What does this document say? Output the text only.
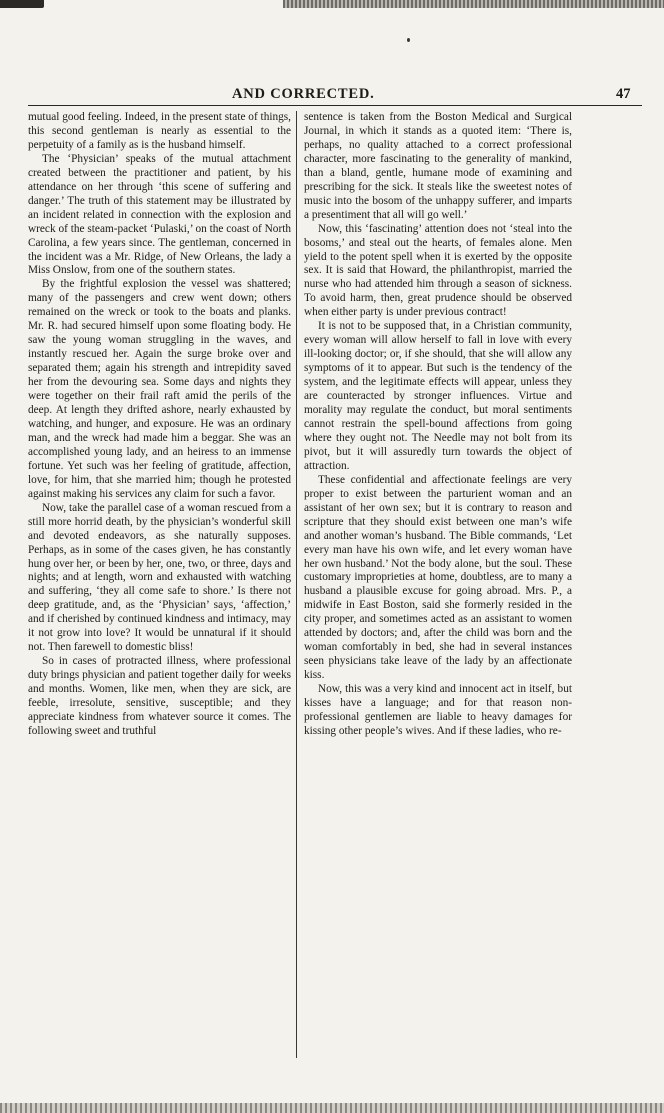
AND CORRECTED.	47

mutual good feeling. Indeed, in the present state of things, this second gentleman is nearly as essential to the perpetuity of a family as is the husband himself.

The ‘Physician’ speaks of the mutual attachment created between the practitioner and patient, by his attendance on her through ‘this scene of suffering and danger.’ The truth of this statement may be illustrated by an incident related in connection with the explosion and wreck of the steam-packet ‘Pulaski,’ on the coast of North Carolina, a few years since. The gentleman, concerned in the incident was a Mr. Ridge, of New Orleans, the lady a Miss Onslow, from one of the southern states.

By the frightful explosion the vessel was shattered; many of the passengers and crew went down; others remained on the wreck or took to the boats and planks. Mr. R. had secured himself upon some floating body. He saw the young woman struggling in the waves, and instantly rescued her. Again the surge broke over and separated them; again his strength and intrepidity saved her from the devouring sea. Some days and nights they were together on their frail raft amid the perils of the deep. At length they drifted ashore, nearly exhausted by watching, and hunger, and exposure. He was an ordinary man, and the wreck had made him a beggar. She was an accomplished young lady, and an heiress to an immense fortune. Yet such was her feeling of gratitude, affection, love, for him, that she married him; though he protested against making his services any claim for such a favor.

Now, take the parallel case of a woman rescued from a still more horrid death, by the physician’s wonderful skill and devoted endeavors, as she naturally supposes. Perhaps, as in some of the cases given, he has constantly hung over her, or been by her, one, two, or three, days and nights; and at length, worn and exhausted with watching and suffering, ‘they all come safe to shore.’ Is there not deep gratitude, and, as the ‘Physician’ says, ‘affection,’ and if cherished by continued kindness and intimacy, may it not grow into love? It would be unnatural if it should not. Then farewell to domestic bliss!

So in cases of protracted illness, where professional duty brings physician and patient together daily for weeks and months. Women, like men, when they are sick, are feeble, irresolute, sensitive, susceptible; and they appreciate kindness from whatever source it comes. The following sweet and truthful

sentence is taken from the Boston Medical and Surgical Journal, in which it stands as a quoted item: ‘There is, perhaps, no quality attached to a correct professional character, more fascinating to the generality of mankind, than a bland, gentle, humane mode of examining and prescribing for the sick. It steals like the sweetest notes of music into the bosom of the unhappy sufferer, and imparts a presentiment that all will go well.’

Now, this ‘fascinating’ attention does not ‘steal into the bosoms,’ and steal out the hearts, of females alone. Men yield to the potent spell when it is exerted by the opposite sex. It is said that Howard, the philanthropist, married the nurse who had attended him through a season of sickness. To avoid harm, then, great prudence should be observed when either party is under previous contract!

It is not to be supposed that, in a Christian community, every woman will allow herself to fall in love with every ill-looking doctor; or, if she should, that she will allow any symptoms of it to appear. But such is the tendency of the system, and the legitimate effects will appear, unless they are counteracted by stronger influences. Virtue and morality may regulate the conduct, but moral sentiments cannot restrain the spell-bound affections from going where they ought not. The Needle may not bolt from its pivot, but it will assuredly turn towards the object of attraction.

These confidential and affectionate feelings are very proper to exist between the parturient woman and an assistant of her own sex; but it is contrary to reason and scripture that they should exist between one man’s wife and another woman’s husband. The Bible commands, ‘Let every man have his own wife, and let every woman have her own husband.’ Not the body alone, but the soul. These customary improprieties at home, doubtless, are to many a husband a plausible excuse for going abroad. Mrs. P., a midwife in East Boston, said she formerly resided in the city proper, and sometimes acted as an assistant to women attended by doctors; and, after the child was born and the woman comfortably in bed, she had in several instances seen physicians take leave of the lady by an affectionate kiss.

Now, this was a very kind and innocent act in itself, but kisses have a language; and for that reason non-professional gentlemen are liable to heavy damages for kissing other people’s wives. And if these ladies, who re-
